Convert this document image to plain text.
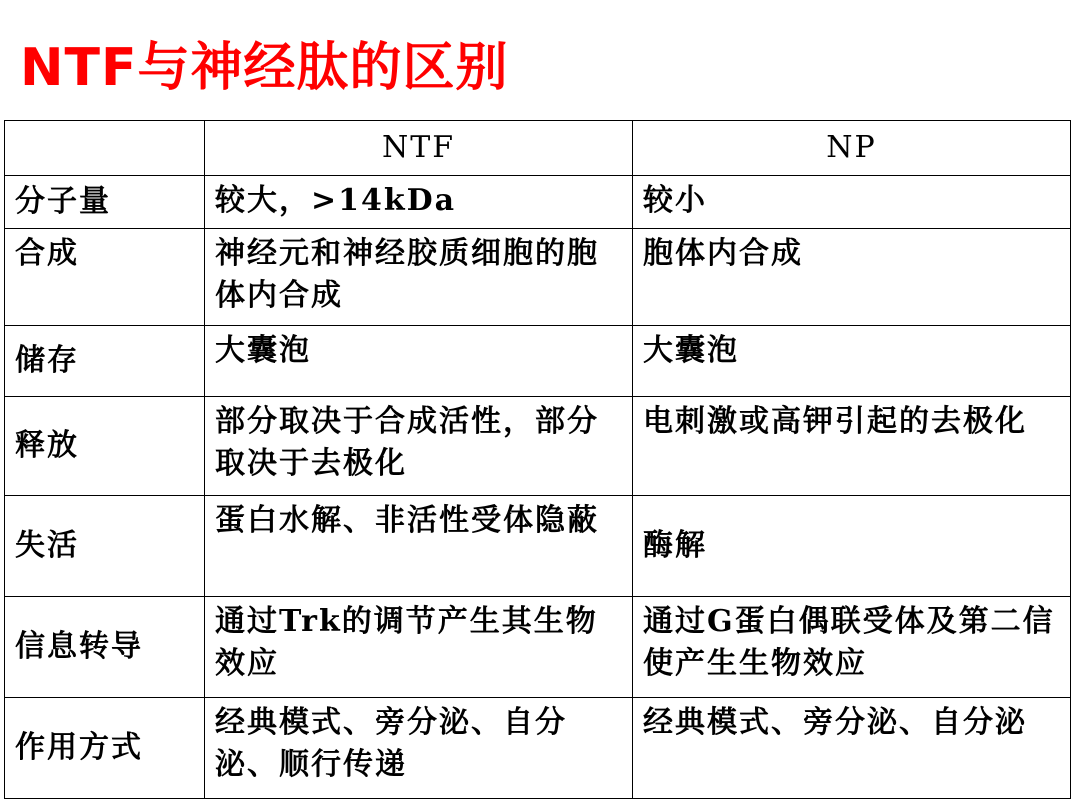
NTF与神经肽的区别
	NTF	NP
分子量	较大，>14kDa	较小
合成	神经元和神经胶质细胞的胞体内合成	胞体内合成
储存	大囊泡	大囊泡
释放	部分取决于合成活性，部分取决于去极化	电刺激或高钾引起的去极化
失活	蛋白水解、非活性受体隐蔽	酶解
信息转导	通过Trk的调节产生其生物效应	通过G蛋白偶联受体及第二信使产生生物效应
作用方式	经典模式、旁分泌、自分泌、顺行传递	经典模式、旁分泌、自分泌
